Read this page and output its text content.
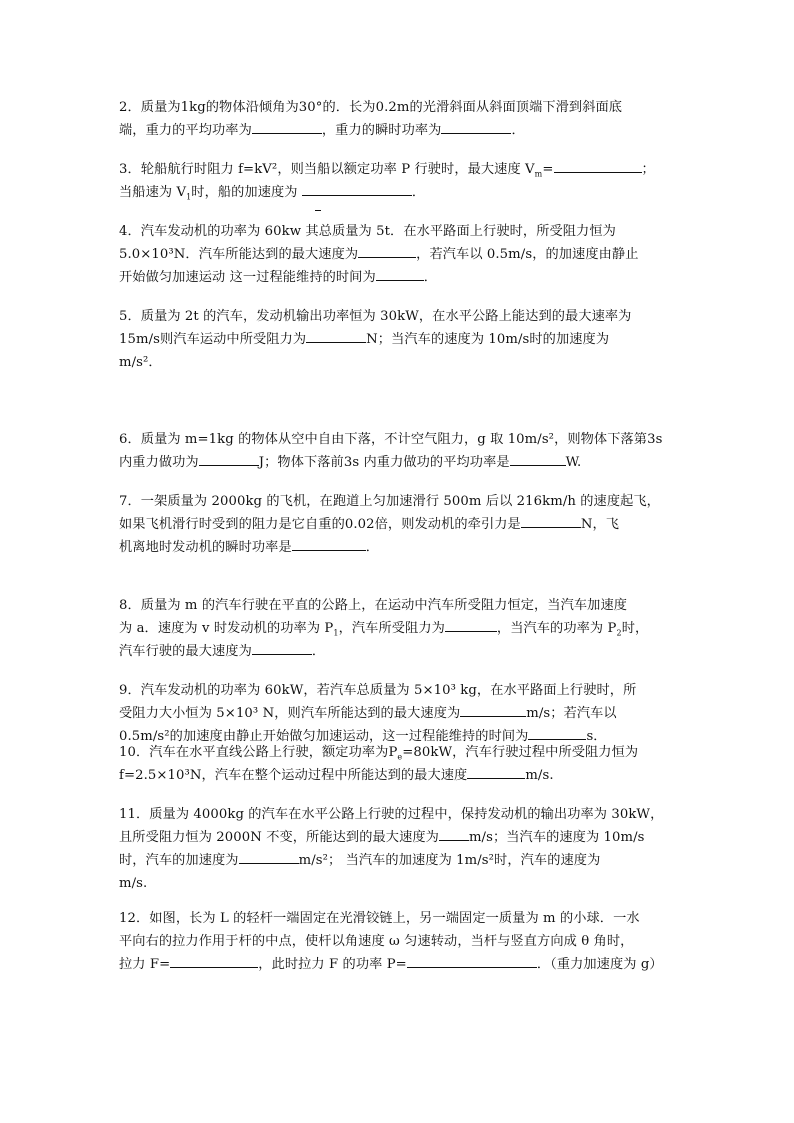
2．质量为1kg的物体沿倾角为30°的．长为0.2m的光滑斜面从斜面顶端下滑到斜面底
端，重力的平均功率为	，重力的瞬时功率为	．
3．轮船航行时阻力 f=kV²，则当船以额定功率 P 行驶时，最大速度 $V_m=$	；
当船速为 $V_1$时，船的加速度为	．
4．汽车发动机的功率为 60kw 其总质量为 5t．在水平路面上行驶时，所受阻力恒为
5.0×10³N．汽车所能达到的最大速度为	，若汽车以 0.5m/s，的加速度由静止
开始做匀加速运动 这一过程能维持的时间为	．
5．质量为 2t 的汽车，发动机输出功率恒为 30kW，在水平公路上能达到的最大速率为
15m/s则汽车运动中所受阻力为	N；当汽车的速度为 10m/s时的加速度为
m/s²．
6．质量为 m=1kg 的物体从空中自由下落，不计空气阻力，g 取 10m/s²，则物体下落第3s
内重力做功为	J；物体下落前3s 内重力做功的平均功率是	W.
7．一架质量为 2000kg 的飞机，在跑道上匀加速滑行 500m 后以 216km/h 的速度起飞，
如果飞机滑行时受到的阻力是它自重的0.02倍，则发动机的牵引力是	N，飞
机离地时发动机的瞬时功率是	．
8．质量为 m 的汽车行驶在平直的公路上，在运动中汽车所受阻力恒定，当汽车加速度
为 a．速度为 v 时发动机的功率为 $P_1$，汽车所受阻力为	，当汽车的功率为 $P_2$时，
汽车行驶的最大速度为	．
9．汽车发动机的功率为 60kW，若汽车总质量为 5×10³ kg，在水平路面上行驶时，所
受阻力大小恒为 5×10³ N，则汽车所能达到的最大速度为	m/s；若汽车以
0.5m/s²的加速度由静止开始做匀加速运动，这一过程能维持的时间为	s．
10．汽车在水平直线公路上行驶，额定功率为$P_e=80kW$，汽车行驶过程中所受阻力恒为
f=2.5×10³N，汽车在整个运动过程中所能达到的最大速度	m/s.
11．质量为 4000kg 的汽车在水平公路上行驶的过程中，保持发动机的输出功率为 30kW，
且所受阻力恒为 2000N 不变，所能达到的最大速度为 m/s；当汽车的速度为 10m/s
时，汽车的加速度为	m/s²； 当汽车的加速度为 1m/s²时，汽车的速度为
m/s.
12．如图，长为 L 的轻杆一端固定在光滑铰链上，另一端固定一质量为 m 的小球．一水
平向右的拉力作用于杆的中点，使杆以角速度 ω 匀速转动，当杆与竖直方向成 θ 角时，
拉力 F=	，此时拉力 F 的功率 P=	．（重力加速度为 g）
